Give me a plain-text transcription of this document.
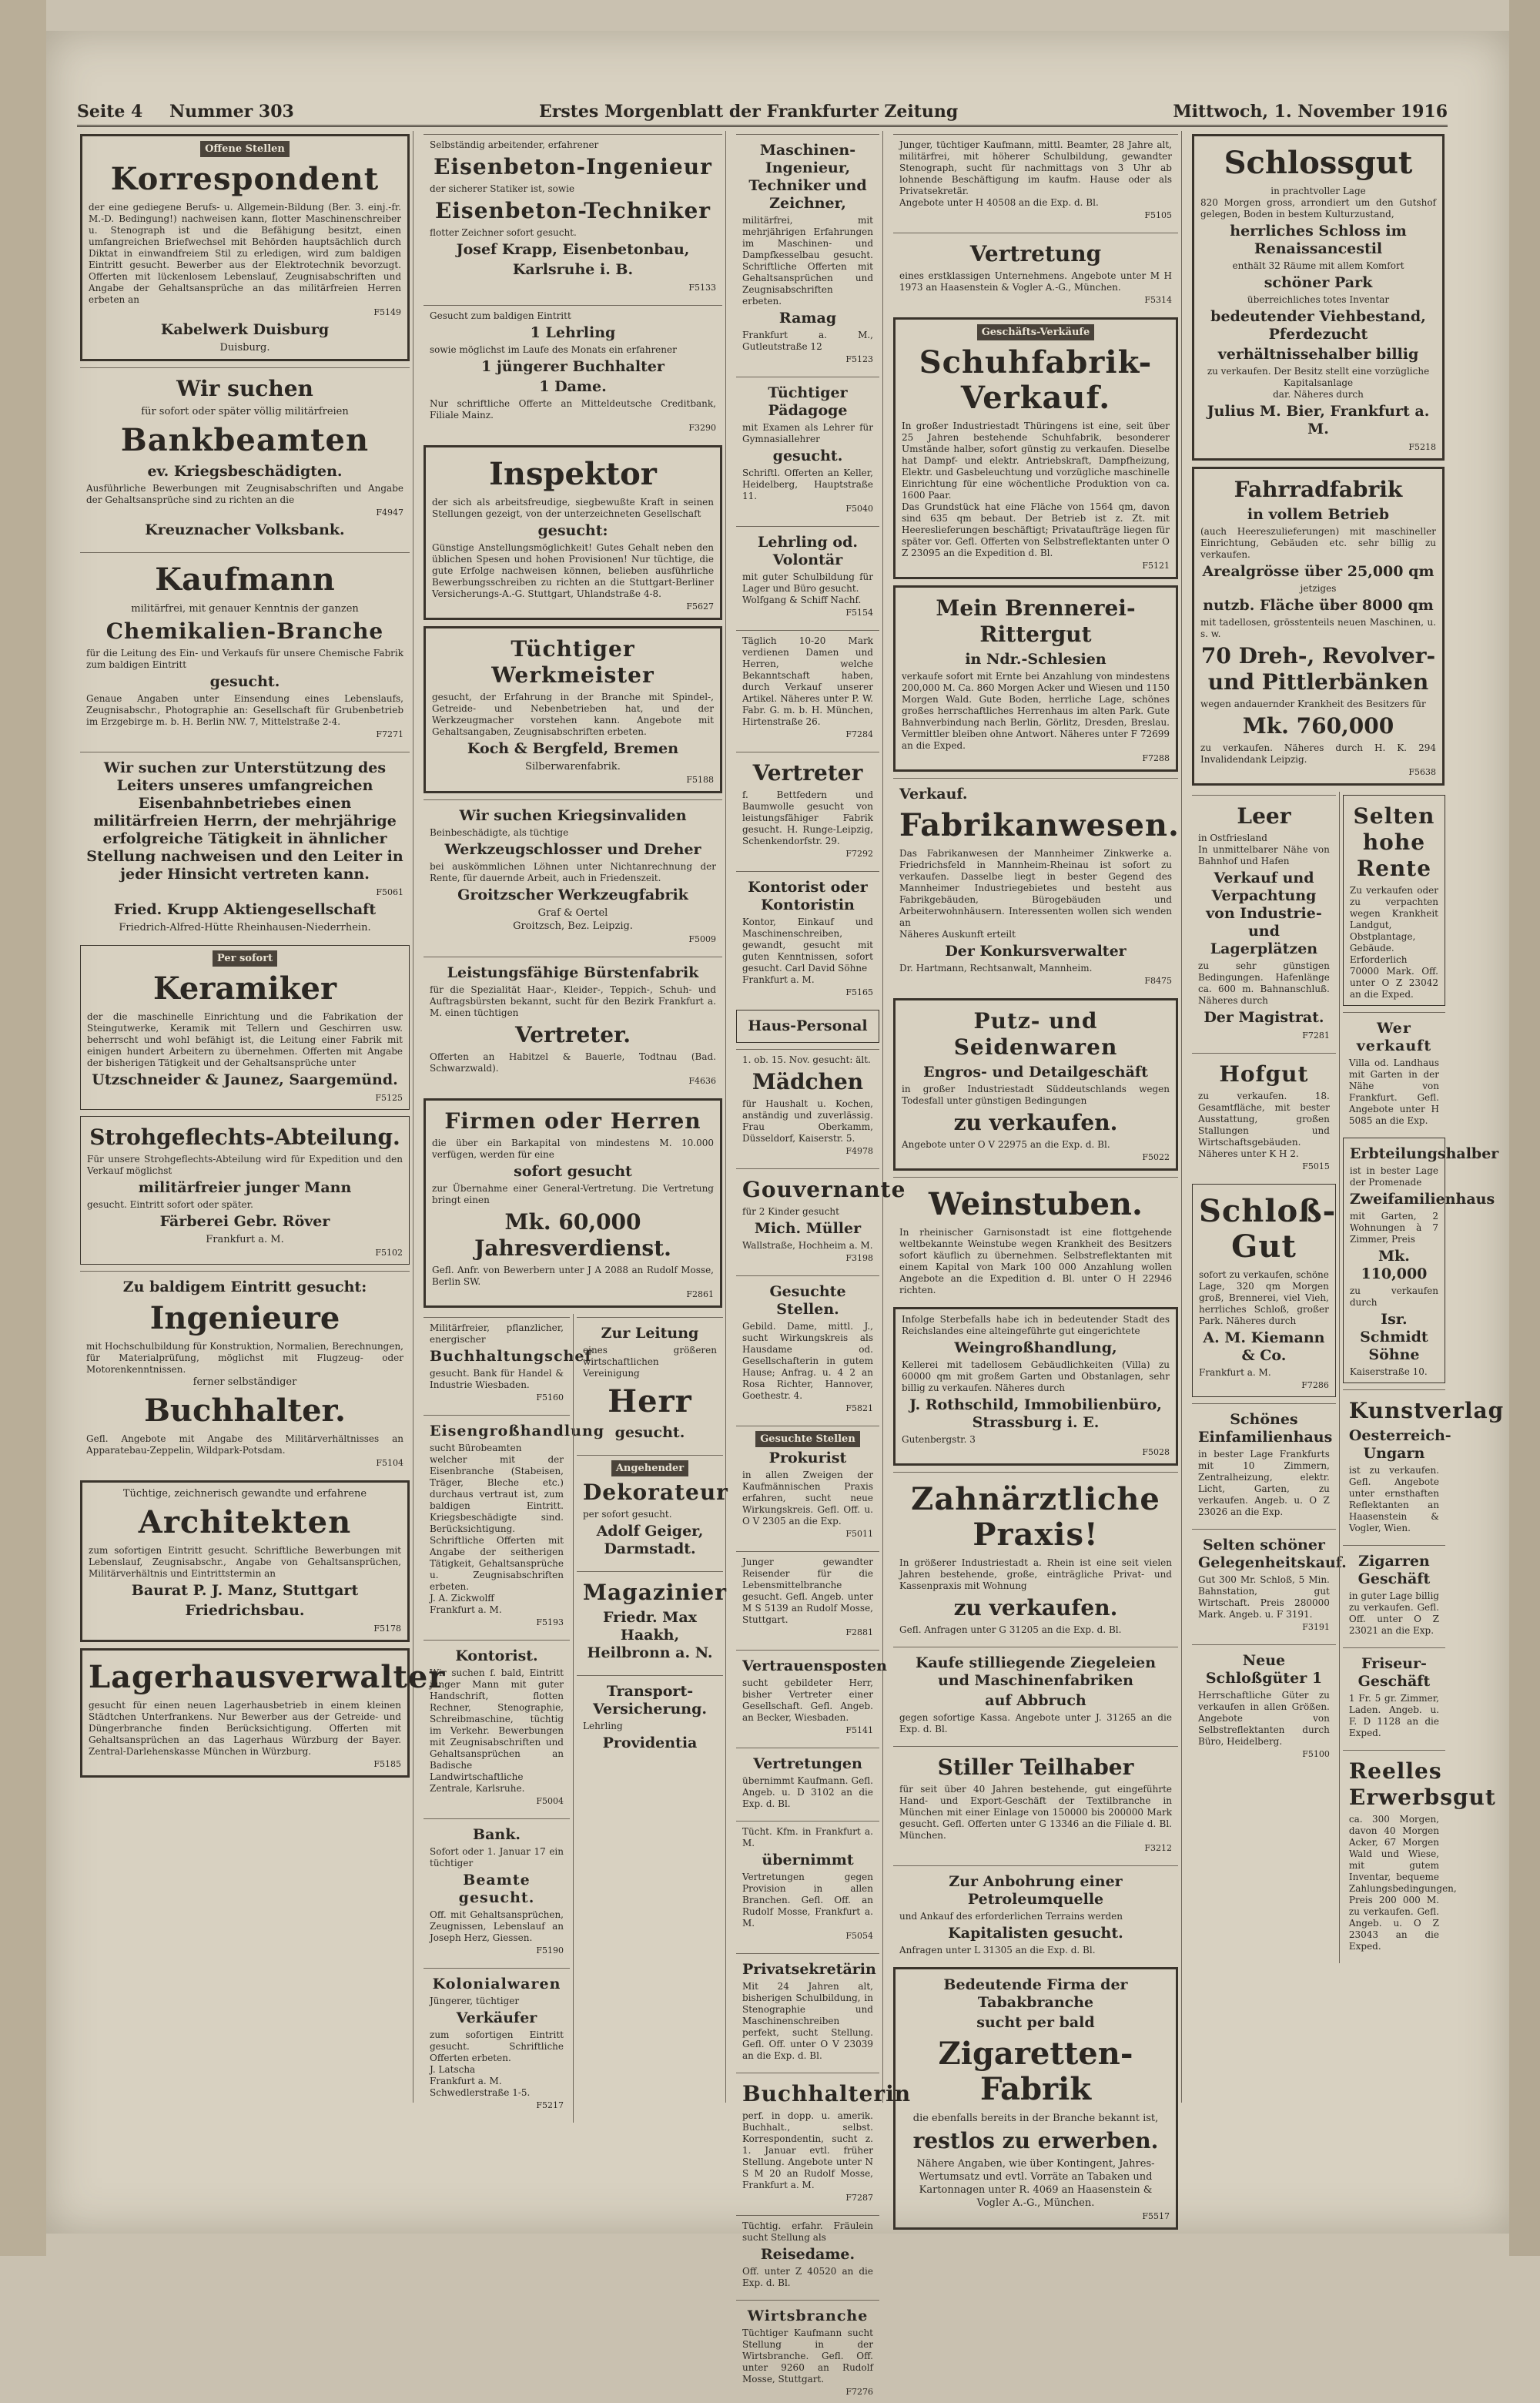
Seite 4 Nummer 303	Erstes Morgenblatt der Frankfurter Zeitung	Mittwoch, 1. November 1916
Offene Stellen
Korrespondent
der eine gediegene Berufs- u. Allgemein-Bildung (Ber. 3. einj.-fr. M.-D. Bedingung!) nachweisen kann, flotter Maschinenschreiber u. Stenograph ist und die Befähigung besitzt, einen umfangreichen Briefwechsel mit Behörden hauptsächlich durch Diktat in einwandfreiem Stil zu erledigen, wird zum baldigen Eintritt gesucht. Bewerber aus der Elektrotechnik bevorzugt. Offerten mit lückenlosem Lebenslauf, Zeugnisabschriften und Angabe der Gehaltsansprüche an das militärfreien Herren erbeten an
F5149
Kabelwerk Duisburg
Duisburg.
Wir suchen
für sofort oder später völlig militärfreien
Bankbeamten
ev. Kriegsbeschädigten.
Ausführliche Bewerbungen mit Zeugnisabschriften und Angabe der Gehaltsansprüche sind zu richten an die
F4947
Kreuznacher Volksbank.
Kaufmann
militärfrei, mit genauer Kenntnis der ganzen
Chemikalien-Branche
für die Leitung des Ein- und Verkaufs für unsere Chemische Fabrik zum baldigen Eintritt
gesucht.
Genaue Angaben unter Einsendung eines Lebenslaufs, Zeugnisabschr., Photographie an: Gesellschaft für Grubenbetrieb im Erzgebirge m. b. H. Berlin NW. 7, Mittelstraße 2-4.
F7271
Wir suchen zur Unterstützung des Leiters unseres umfangreichen Eisenbahnbetriebes einen militärfreien Herrn, der mehrjährige erfolgreiche Tätigkeit in ähnlicher Stellung nachweisen und den Leiter in jeder Hinsicht vertreten kann.
F5061
Fried. Krupp Aktiengesellschaft
Friedrich-Alfred-Hütte Rheinhausen-Niederrhein.
Per sofort
Keramiker
der die maschinelle Einrichtung und die Fabrikation der Steingutwerke, Keramik mit Tellern und Geschirren usw. beherrscht und wohl befähigt ist, die Leitung einer Fabrik mit einigen hundert Arbeitern zu übernehmen. Offerten mit Angabe der bisherigen Tätigkeit und der Gehaltsansprüche unter
Utzschneider & Jaunez, Saargemünd.
F5125
Strohgeflechts-Abteilung.
Für unsere Strohgeflechts-Abteilung wird für Expedition und den Verkauf möglichst
militärfreier junger Mann
gesucht. Eintritt sofort oder später.
Färberei Gebr. Röver
Frankfurt a. M.
F5102
Zu baldigem Eintritt gesucht:
Ingenieure
mit Hochschulbildung für Konstruktion, Normalien, Berechnungen, für Materialprüfung, möglichst mit Flugzeug- oder Motorenkenntnissen.
ferner selbständiger
Buchhalter.
Gefl. Angebote mit Angabe des Militärverhältnisses an Apparatebau-Zeppelin, Wildpark-Potsdam.
F5104
Tüchtige, zeichnerisch gewandte und erfahrene
Architekten
zum sofortigen Eintritt gesucht. Schriftliche Bewerbungen mit Lebenslauf, Zeugnisabschr., Angabe von Gehaltsansprüchen, Militärverhältnis und Eintrittstermin an
Baurat P. J. Manz, Stuttgart
Friedrichsbau.
F5178
Lagerhausverwalter
gesucht für einen neuen Lagerhausbetrieb in einem kleinen Städtchen Unterfrankens. Nur Bewerber aus der Getreide- und Düngerbranche finden Berücksichtigung. Offerten mit Gehaltsansprüchen an das Lagerhaus Würzburg der Bayer. Zentral-Darlehenskasse München in Würzburg.
F5185
Selbständig arbeitender, erfahrener
Eisenbeton-Ingenieur
der sicherer Statiker ist, sowie
Eisenbeton-Techniker
flotter Zeichner sofort gesucht.
Josef Krapp, Eisenbetonbau,
Karlsruhe i. B.
F5133
Gesucht zum baldigen Eintritt
1 Lehrling
sowie möglichst im Laufe des Monats ein erfahrener
1 jüngerer Buchhalter
1 Dame.
Nur schriftliche Offerte an Mitteldeutsche Creditbank, Filiale Mainz.
F3290
Inspektor
der sich als arbeitsfreudige, siegbewußte Kraft in seinen Stellungen gezeigt, von der unterzeichneten Gesellschaft
gesucht:
Günstige Anstellungsmöglichkeit! Gutes Gehalt neben den üblichen Spesen und hohen Provisionen! Nur tüchtige, die gute Erfolge nachweisen können, belieben ausführliche Bewerbungsschreiben zu richten an die Stuttgart-Berliner Versicherungs-A.-G. Stuttgart, Uhlandstraße 4-8.
F5627
Tüchtiger Werkmeister
gesucht, der Erfahrung in der Branche mit Spindel-, Getreide- und Nebenbetrieben hat, und der Werkzeugmacher vorstehen kann. Angebote mit Gehaltsangaben, Zeugnisabschriften erbeten.
Koch & Bergfeld, Bremen
Silberwarenfabrik.
F5188
Wir suchen Kriegsinvaliden
Beinbeschädigte, als tüchtige
Werkzeugschlosser und Dreher
bei auskömmlichen Löhnen unter Nichtanrechnung der Rente, für dauernde Arbeit, auch in Friedenszeit.
Groitzscher Werkzeugfabrik
Graf & Oertel
Groitzsch, Bez. Leipzig.
F5009
Leistungsfähige Bürstenfabrik
für die Spezialität Haar-, Kleider-, Teppich-, Schuh- und Auftragsbürsten bekannt, sucht für den Bezirk Frankfurt a. M. einen tüchtigen
Vertreter.
Offerten an Habitzel & Bauerle, Todtnau (Bad. Schwarzwald).
F4636
Firmen oder Herren
die über ein Barkapital von mindestens M. 10.000 verfügen, werden für eine
sofort gesucht
zur Übernahme einer General-Vertretung. Die Vertretung bringt einen
Mk. 60,000 Jahresverdienst.
Gefl. Anfr. von Bewerbern unter J A 2088 an Rudolf Mosse, Berlin SW.
F2861
Militärfreier, pflanzlicher, energischer
Buchhaltungschef
gesucht. Bank für Handel & Industrie Wiesbaden.
F5160
Eisengroßhandlung
sucht Bürobeamten
welcher mit der Eisenbranche (Stabeisen, Träger, Bleche etc.) durchaus vertraut ist, zum baldigen Eintritt. Kriegsbeschädigte sind. Berücksichtigung. Schriftliche Offerten mit Angabe der seitherigen Tätigkeit, Gehaltsansprüche u. Zeugnisabschriften erbeten.
J. A. Zickwolff
Frankfurt a. M.
F5193
Kontorist.
Wir suchen f. bald, Eintritt junger Mann mit guter Handschrift, flotten Rechner, Stenographie, Schreibmaschine, tüchtig im Verkehr. Bewerbungen mit Zeugnisabschriften und Gehaltsansprüchen an Badische Landwirtschaftliche Zentrale, Karlsruhe.
F5004
Bank.
Sofort oder 1. Januar 17 ein tüchtiger
Beamte gesucht.
Off. mit Gehaltsansprüchen, Zeugnissen, Lebenslauf an Joseph Herz, Giessen.
F5190
Kolonialwaren
Jüngerer, tüchtiger
Verkäufer
zum sofortigen Eintritt gesucht. Schriftliche Offerten erbeten.
J. Latscha
Frankfurt a. M.
Schwedlerstraße 1-5.
F5217
Zur Leitung
eines größeren wirtschaftlichen Vereinigung
Herr
gesucht.
Angehender
Dekorateur
per sofort gesucht.
Adolf Geiger, Darmstadt.
Magazinier
Friedr. Max Haakh, Heilbronn a. N.
Transport-Versicherung.
Lehrling
Providentia
Maschinen-Ingenieur, Techniker und Zeichner,
militärfrei, mit mehrjährigen Erfahrungen im Maschinen- und Dampfkesselbau gesucht. Schriftliche Offerten mit Gehaltsansprüchen und Zeugnisabschriften erbeten.
Ramag
Frankfurt a. M., Gutleutstraße 12
F5123
Tüchtiger Pädagoge
mit Examen als Lehrer für Gymnasiallehrer
gesucht.
Schriftl. Offerten an Keller, Heidelberg, Hauptstraße 11.
F5040
Lehrling od. Volontär
mit guter Schulbildung für Lager und Büro gesucht.
Wolfgang & Schiff Nachf.
F5154
Täglich 10-20 Mark verdienen Damen und Herren, welche Bekanntschaft haben, durch Verkauf unserer Artikel. Näheres unter P. W. Fabr. G. m. b. H. München, Hirtenstraße 26.
F7284
Vertreter
f. Bettfedern und Baumwolle gesucht von leistungsfähiger Fabrik gesucht. H. Runge-Leipzig, Schenkendorfstr. 29.
F7292
Kontorist oder Kontoristin
Kontor, Einkauf und Maschinenschreiben, gewandt, gesucht mit guten Kenntnissen, sofort gesucht. Carl David Söhne
Frankfurt a. M.
F5165
Haus-Personal
1. ob. 15. Nov. gesucht: ält.
Mädchen
für Haushalt u. Kochen, anständig und zuverlässig. Frau Oberkamm, Düsseldorf, Kaiserstr. 5.
F4978
Gouvernante
für 2 Kinder gesucht
Mich. Müller
Wallstraße, Hochheim a. M.
F3198
Gesuchte Stellen.
Gebild. Dame, mittl. J., sucht Wirkungskreis als Hausdame od. Gesellschafterin in gutem Hause; Anfrag. u. 4 2 an Rosa Richter, Hannover, Goethestr. 4.
F5821
Gesuchte Stellen
Prokurist
in allen Zweigen der Kaufmännischen Praxis erfahren, sucht neue Wirkungskreis. Gefl. Off. u. O V 2305 an die Exp.
F5011
Junger gewandter Reisender für die Lebensmittelbranche gesucht. Gefl. Angeb. unter M S 5139 an Rudolf Mosse, Stuttgart.
F2881
Vertrauensposten
sucht gebildeter Herr, bisher Vertreter einer Gesellschaft. Gefl. Angeb. an Becker, Wiesbaden.
F5141
Vertretungen
übernimmt Kaufmann. Gefl. Angeb. u. D 3102 an die Exp. d. Bl.
Tücht. Kfm. in Frankfurt a. M.
übernimmt
Vertretungen gegen Provision in allen Branchen. Gefl. Off. an Rudolf Mosse, Frankfurt a. M.
F5054
Privatsekretärin
Mit 24 Jahren alt, bisherigen Schulbildung, in Stenographie und Maschinenschreiben perfekt, sucht Stellung. Gefl. Off. unter O V 23039 an die Exp. d. Bl.
Buchhalterin
perf. in dopp. u. amerik. Buchhalt., selbst. Korrespondentin, sucht z. 1. Januar evtl. früher Stellung. Angebote unter N S M 20 an Rudolf Mosse, Frankfurt a. M.
F7287
Tüchtig. erfahr. Fräulein sucht Stellung als
Reisedame.
Off. unter Z 40520 an die Exp. d. Bl.
Wirtsbranche
Tüchtiger Kaufmann sucht Stellung in der Wirtsbranche. Gefl. Off. unter 9260 an Rudolf Mosse, Stuttgart.
F7276
Junger, tüchtiger Kaufmann, mittl. Beamter, 28 Jahre alt, militärfrei, mit höherer Schulbildung, gewandter Stenograph, sucht für nachmittags von 3 Uhr ab lohnende Beschäftigung im kaufm. Hause oder als Privatsekretär.
Angebote unter H 40508 an die Exp. d. Bl.
F5105
Vertretung
eines erstklassigen Unternehmens. Angebote unter M H 1973 an Haasenstein & Vogler A.-G., München.
F5314
Geschäfts-Verkäufe
Schuhfabrik-Verkauf.
In großer Industriestadt Thüringens ist eine, seit über 25 Jahren bestehende Schuhfabrik, besonderer Umstände halber, sofort günstig zu verkaufen. Dieselbe hat Dampf- und elektr. Antriebskraft, Dampfheizung, Elektr. und Gasbeleuchtung und vorzügliche maschinelle Einrichtung für eine wöchentliche Produktion von ca. 1600 Paar.
Das Grundstück hat eine Fläche von 1564 qm, davon sind 635 qm bebaut. Der Betrieb ist z. Zt. mit Heereslieferungen beschäftigt; Privataufträge liegen für später vor. Gefl. Offerten von Selbstreflektanten unter O Z 23095 an die Expedition d. Bl.
F5121
Mein Brennerei-Rittergut
in Ndr.-Schlesien
verkaufe sofort mit Ernte bei Anzahlung von mindestens 200,000 M. Ca. 860 Morgen Acker und Wiesen und 1150 Morgen Wald. Gute Boden, herrliche Lage, schönes großes herrschaftliches Herrenhaus im alten Park. Gute Bahnverbindung nach Berlin, Görlitz, Dresden, Breslau. Vermittler bleiben ohne Antwort. Näheres unter F 72699 an die Exped.
F7288
Verkauf.
Fabrikanwesen.
Das Fabrikanwesen der Mannheimer Zinkwerke a. Friedrichsfeld in Mannheim-Rheinau ist sofort zu verkaufen. Dasselbe liegt in bester Gegend des Mannheimer Industriegebietes und besteht aus Fabrikgebäuden, Bürogebäuden und Arbeiterwohnhäusern. Interessenten wollen sich wenden an
Näheres Auskunft erteilt
Der Konkursverwalter
Dr. Hartmann, Rechtsanwalt, Mannheim.
F8475
Putz- und Seidenwaren
Engros- und Detailgeschäft
in großer Industriestadt Süddeutschlands wegen Todesfall unter günstigen Bedingungen
zu verkaufen.
Angebote unter O V 22975 an die Exp. d. Bl.
F5022
Weinstuben.
In rheinischer Garnisonstadt ist eine flottgehende weltbekannte Weinstube wegen Krankheit des Besitzers sofort käuflich zu übernehmen. Selbstreflektanten mit einem Kapital von Mark 100 000 Anzahlung wollen Angebote an die Expedition d. Bl. unter O H 22946 richten.
Infolge Sterbefalls habe ich in bedeutender Stadt des Reichslandes eine alteingeführte gut eingerichtete
Weingroßhandlung,
Kellerei mit tadellosem Gebäudlichkeiten (Villa) zu 60000 qm mit großem Garten und Obstanlagen, sehr billig zu verkaufen. Näheres durch
J. Rothschild, Immobilienbüro, Strassburg i. E.
Gutenbergstr. 3
F5028
Zahnärztliche Praxis!
In größerer Industriestadt a. Rhein ist eine seit vielen Jahren bestehende, große, einträgliche Privat- und Kassenpraxis mit Wohnung
zu verkaufen.
Gefl. Anfragen unter G 31205 an die Exp. d. Bl.
Kaufe stilliegende Ziegeleien und Maschinenfabriken
auf Abbruch
gegen sofortige Kassa. Angebote unter J. 31265 an die Exp. d. Bl.
Stiller Teilhaber
für seit über 40 Jahren bestehende, gut eingeführte Hand- und Export-Geschäft der Textilbranche in München mit einer Einlage von 150000 bis 200000 Mark gesucht. Gefl. Offerten unter G 13346 an die Filiale d. Bl. München.
F3212
Zur Anbohrung einer Petroleumquelle
und Ankauf des erforderlichen Terrains werden
Kapitalisten gesucht.
Anfragen unter L 31305 an die Exp. d. Bl.
Bedeutende Firma der Tabakbranche
sucht per bald
Zigaretten-Fabrik
die ebenfalls bereits in der Branche bekannt ist,
restlos zu erwerben.
Nähere Angaben, wie über Kontingent, Jahres-Wertumsatz und evtl. Vorräte an Tabaken und Kartonnagen unter R. 4069 an Haasenstein & Vogler A.-G., München.
F5517
Schlossgut
in prachtvoller Lage
820 Morgen gross, arrondiert um den Gutshof gelegen, Boden in bestem Kulturzustand,
herrliches Schloss im Renaissancestil
enthält 32 Räume mit allem Komfort
schöner Park
überreichliches totes Inventar
bedeutender Viehbestand, Pferdezucht
verhältnissehalber billig
zu verkaufen. Der Besitz stellt eine vorzügliche Kapitalsanlage
dar. Näheres durch
Julius M. Bier, Frankfurt a. M.
F5218
Fahrradfabrik
in vollem Betrieb
(auch Heereszulieferungen) mit maschineller Einrichtung, Gebäuden etc. sehr billig zu verkaufen.
Arealgrösse über 25,000 qm
jetziges
nutzb. Fläche über 8000 qm
mit tadellosen, grösstenteils neuen Maschinen, u. s. w.
70 Dreh-, Revolver- und Pittlerbänken
wegen andauernder Krankheit des Besitzers für
Mk. 760,000
zu verkaufen. Näheres durch H. K. 294 Invalidendank Leipzig.
F5638
Leer
in Ostfriesland
In unmittelbarer Nähe von Bahnhof und Hafen
Verkauf und Verpachtung von Industrie- und Lagerplätzen
zu sehr günstigen Bedingungen. Hafenlänge ca. 600 m. Bahnanschluß. Näheres durch
Der Magistrat.
F7281
Hofgut
zu verkaufen. 18. Gesamtfläche, mit bester Ausstattung, großen Stallungen und Wirtschaftsgebäuden. Näheres unter K H 2.
F5015
Schloß-Gut
sofort zu verkaufen, schöne Lage, 320 qm Morgen groß, Brennerei, viel Vieh, herrliches Schloß, großer Park. Näheres durch
A. M. Kiemann & Co.
Frankfurt a. M.
F7286
Schönes Einfamilienhaus
in bester Lage Frankfurts mit 10 Zimmern, Zentralheizung, elektr. Licht, Garten, zu verkaufen. Angeb. u. O Z 23026 an die Exp.
Selten schöner Gelegenheitskauf.
Gut 300 Mr. Schloß, 5 Min. Bahnstation, gut Wirtschaft. Preis 280000 Mark. Angeb. u. F 3191.
F3191
Neue Schloßgüter 1
Herrschaftliche Güter zu verkaufen in allen Größen. Angebote von Selbstreflektanten durch Büro, Heidelberg.
F5100
Selten hohe Rente
Zu verkaufen oder zu verpachten wegen Krankheit Landgut, Obstplantage, Gebäude. Erforderlich 70000 Mark. Off. unter O Z 23042 an die Exped.
Wer verkauft
Villa od. Landhaus mit Garten in der Nähe von Frankfurt. Gefl. Angebote unter H 5085 an die Exp.
Erbteilungshalber
ist in bester Lage der Promenade
Zweifamilienhaus
mit Garten, 2 Wohnungen à 7 Zimmer, Preis
Mk. 110,000
zu verkaufen durch
Isr. Schmidt Söhne
Kaiserstraße 10.
Kunstverlag
Oesterreich-Ungarn
ist zu verkaufen. Gefl. Angebote unter ernsthaften Reflektanten an Haasenstein & Vogler, Wien.
Zigarren Geschäft
in guter Lage billig zu verkaufen. Gefl. Off. unter O Z 23021 an die Exp.
Friseur-Geschäft
1 Fr. 5 gr. Zimmer, Laden. Angeb. u. F. D 1128 an die Exped.
Reelles Erwerbsgut
ca. 300 Morgen, davon 40 Morgen Acker, 67 Morgen Wald und Wiese, mit gutem Inventar, bequeme Zahlungsbedingungen, Preis 200 000 M. zu verkaufen. Gefl. Angeb. u. O Z 23043 an die Exped.
